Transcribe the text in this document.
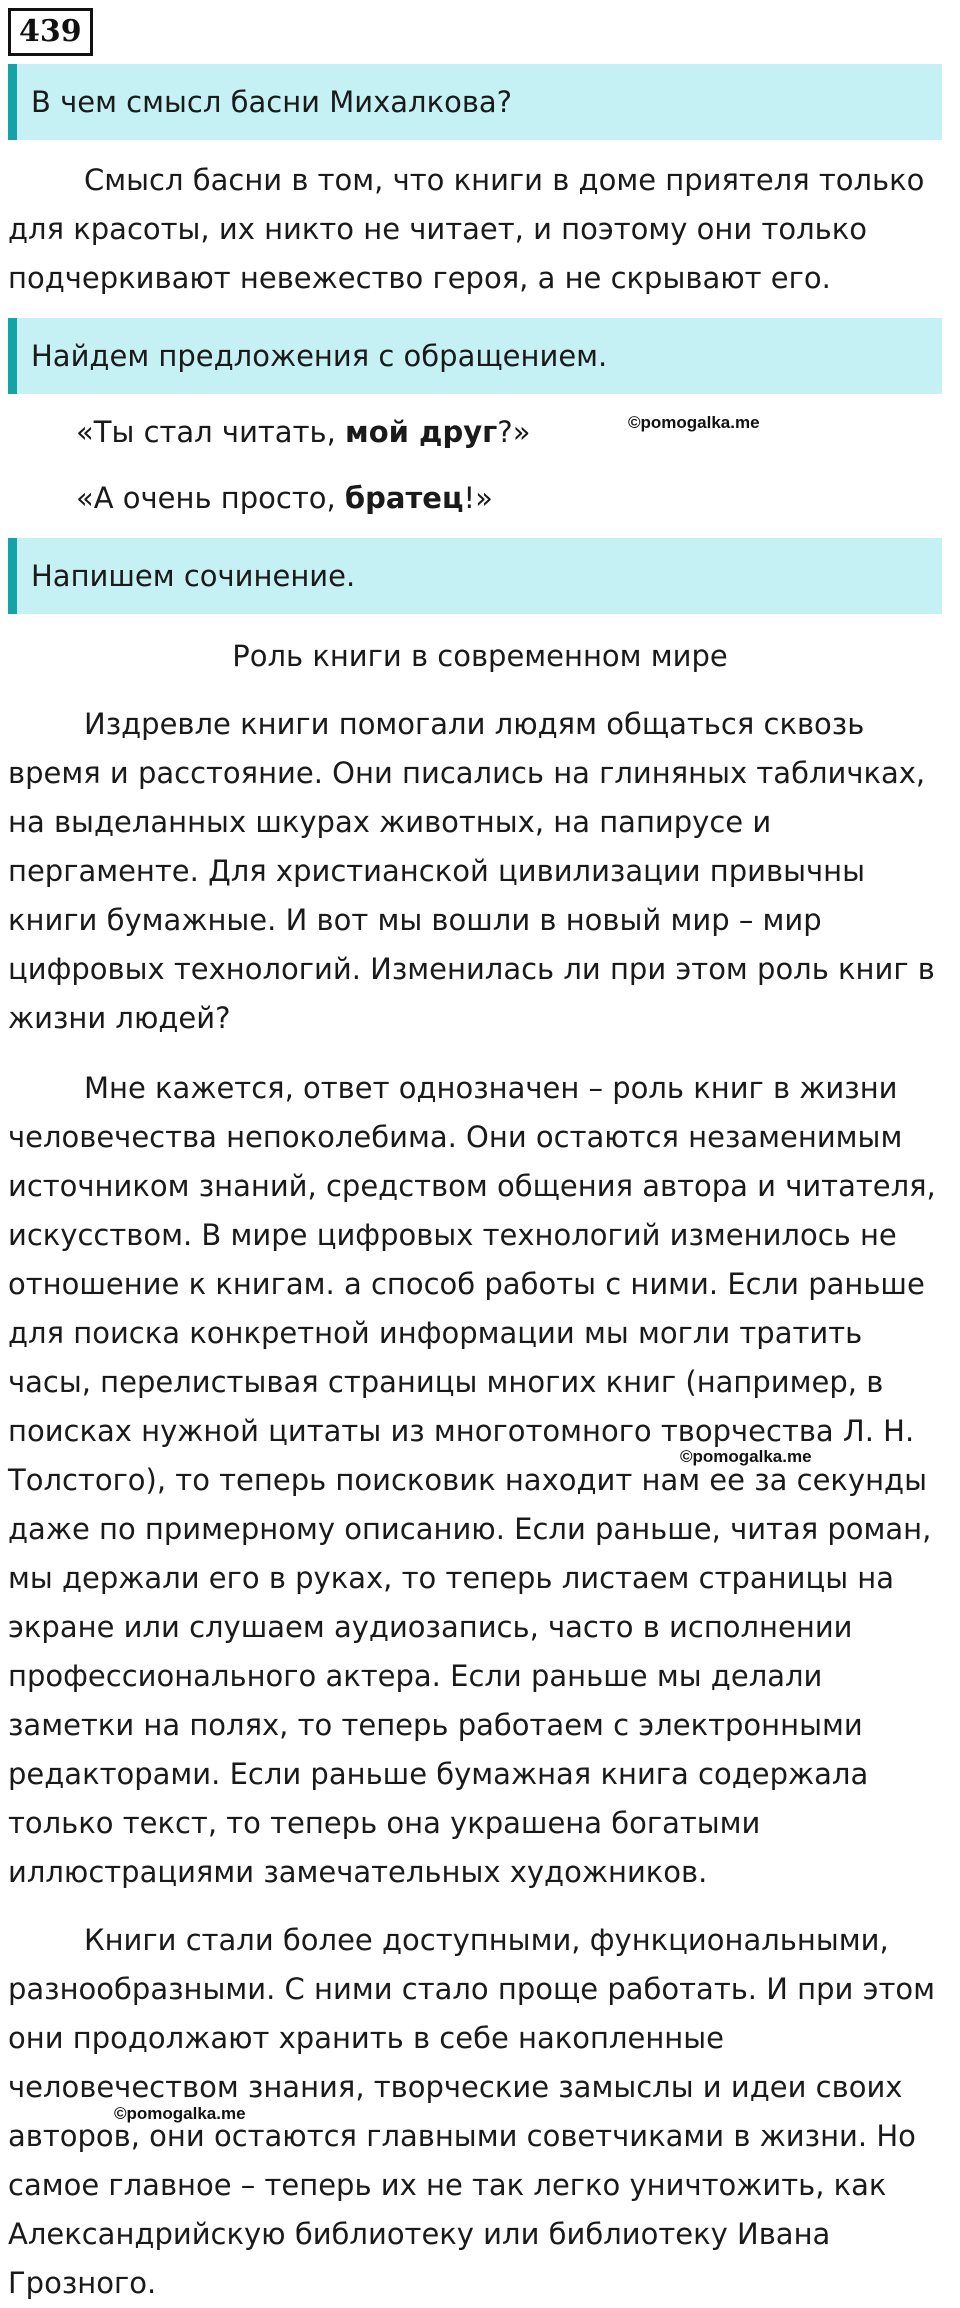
439
В чем смысл басни Михалкова?

Смысл басни в том, что книги в доме приятеля только для красоты, их никто не читает, и поэтому они только подчеркивают невежество героя, а не скрывают его.

Найдем предложения с обращением.
«Ты стал читать, мой друг?»	©pomogalka.me
«А очень просто, братец!»
Напишем сочинение.
Роль книги в современном мире

Издревле книги помогали людям общаться сквозь время и расстояние. Они писались на глиняных табличках, на выделанных шкурах животных, на папирусе и пергаменте. Для христианской цивилизации привычны книги бумажные. И вот мы вошли в новый мир – мир цифровых технологий. Изменилась ли при этом роль книг в жизни людей?

Мне кажется, ответ однозначен – роль книг в жизни человечества непоколебима. Они остаются незаменимым источником знаний, средством общения автора и читателя, искусством. В мире цифровых технологий изменилось не отношение к книгам. а способ работы с ними. Если раньше для поиска конкретной информации мы могли тратить часы, перелистывая страницы многих книг (например, в поисках нужной цитаты из многотомного творчества Л. Н. Толстого), то теперь поисковик находит нам ее за секунды даже по примерному описанию. Если раньше, читая роман, мы держали его в руках, то теперь листаем страницы на экране или слушаем аудиозапись, часто в исполнении профессионального актера. Если раньше мы делали заметки на полях, то теперь работаем с электронными редакторами. Если раньше бумажная книга содержала только текст, то теперь она украшена богатыми иллюстрациями замечательных художников.

©pomogalka.me

Книги стали более доступными, функциональными, разнообразными. С ними стало проще работать. И при этом они продолжают хранить в себе накопленные человечеством знания, творческие замыслы и идеи своих авторов, они остаются главными советчиками в жизни. Но самое главное – теперь их не так легко уничтожить, как Александрийскую библиотеку или библиотеку Ивана Грозного.

©pomogalka.me
